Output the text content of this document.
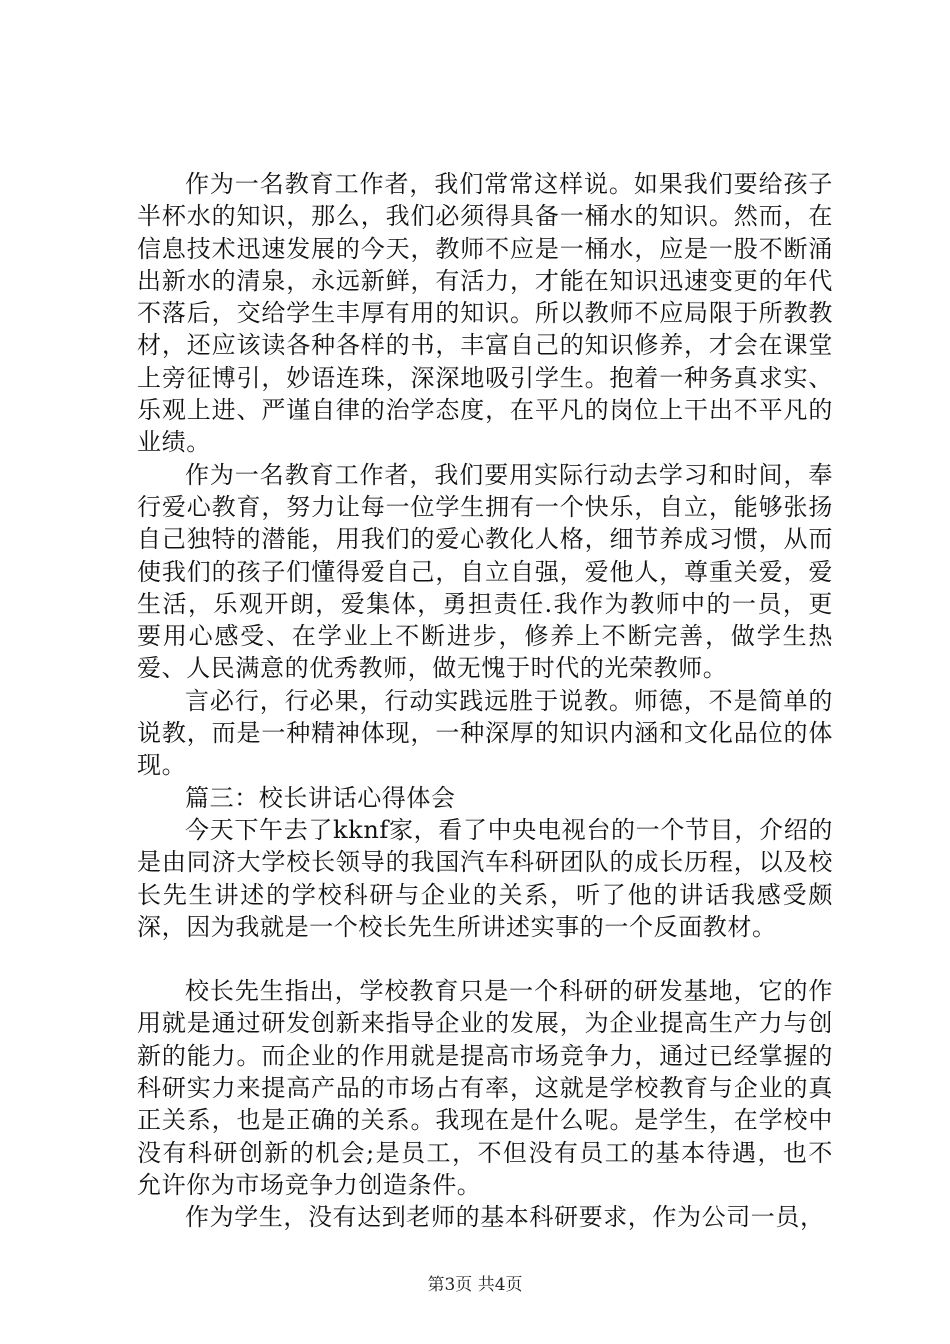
作为一名教育工作者，我们常常这样说。如果我们要给孩子半杯水的知识，那么，我们必须得具备一桶水的知识。然而，在信息技术迅速发展的今天，教师不应是一桶水，应是一股不断涌出新水的清泉，永远新鲜，有活力，才能在知识迅速变更的年代不落后，交给学生丰厚有用的知识。所以教师不应局限于所教教材，还应该读各种各样的书，丰富自己的知识修养，才会在课堂上旁征博引，妙语连珠，深深地吸引学生。抱着一种务真求实、乐观上进、严谨自律的治学态度，在平凡的岗位上干出不平凡的业绩。

作为一名教育工作者，我们要用实际行动去学习和时间，奉行爱心教育，努力让每一位学生拥有一个快乐，自立，能够张扬自己独特的潜能，用我们的爱心教化人格，细节养成习惯，从而使我们的孩子们懂得爱自己，自立自强，爱他人，尊重关爱，爱生活，乐观开朗，爱集体，勇担责任.我作为教师中的一员，更要用心感受、在学业上不断进步，修养上不断完善，做学生热爱、人民满意的优秀教师，做无愧于时代的光荣教师。

言必行，行必果，行动实践远胜于说教。师德，不是简单的说教，而是一种精神体现，一种深厚的知识内涵和文化品位的体现。

篇三：校长讲话心得体会

今天下午去了kknf家，看了中央电视台的一个节目，介绍的是由同济大学校长领导的我国汽车科研团队的成长历程，以及校长先生讲述的学校科研与企业的关系，听了他的讲话我感受颇深，因为我就是一个校长先生所讲述实事的一个反面教材。

校长先生指出，学校教育只是一个科研的研发基地，它的作用就是通过研发创新来指导企业的发展，为企业提高生产力与创新的能力。而企业的作用就是提高市场竞争力，通过已经掌握的科研实力来提高产品的市场占有率，这就是学校教育与企业的真正关系，也是正确的关系。我现在是什么呢。是学生，在学校中没有科研创新的机会;是员工，不但没有员工的基本待遇，也不允许你为市场竞争力创造条件。

作为学生，没有达到老师的基本科研要求，作为公司一员，

第3页 共4页
